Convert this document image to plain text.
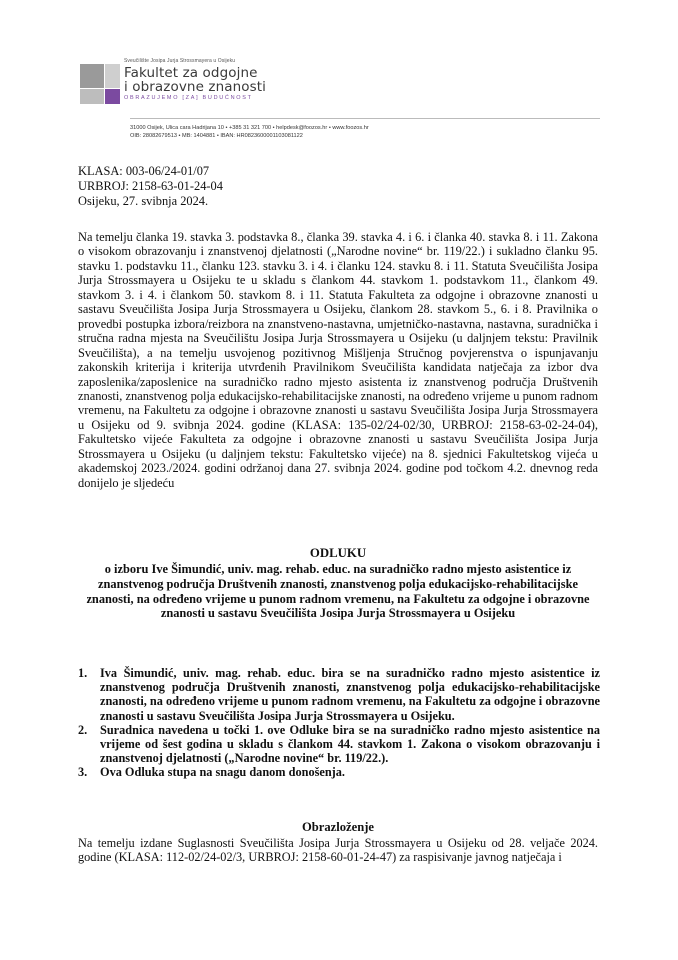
Sveučilište Josipa Jurja Strossmayera u Osijeku
Fakultet za odgojne
i obrazovne znanosti
OBRAZUJEMO [ZA] BUDUĆNOST
31000 Osijek, Ulica cara Hadrijana 10 • +385 31 321 700 • helpdesk@foozos.hr • www.foozos.hr
OIB: 28082679513 • MB: 1404881 • IBAN: HR0823600001103081122
KLASA: 003-06/24-01/07
URBROJ: 2158-63-01-24-04
Osijeku, 27. svibnja 2024.
Na temelju članka 19. stavka 3. podstavka 8., članka 39. stavka 4. i 6. i članka 40. stavka 8. i 11. Zakona o visokom obrazovanju i znanstvenoj djelatnosti („Narodne novine“ br. 119/22.) i sukladno članku 95. stavku 1. podstavku 11., članku 123. stavku 3. i 4. i članku 124. stavku 8. i 11. Statuta Sveučilišta Josipa Jurja Strossmayera u Osijeku te u skladu s člankom 44. stavkom 1. podstavkom 11., člankom 49. stavkom 3. i 4. i člankom 50. stavkom 8. i 11. Statuta Fakulteta za odgojne i obrazovne znanosti u sastavu Sveučilišta Josipa Jurja Strossmayera u Osijeku, člankom 28. stavkom 5., 6. i 8. Pravilnika o provedbi postupka izbora/reizbora na znanstveno-nastavna, umjetničko-nastavna, nastavna, suradnička i stručna radna mjesta na Sveučilištu Josipa Jurja Strossmayera u Osijeku (u daljnjem tekstu: Pravilnik Sveučilišta), a na temelju usvojenog pozitivnog Mišljenja Stručnog povjerenstva o ispunjavanju zakonskih kriterija i kriterija utvrđenih Pravilnikom Sveučilišta kandidata natječaja za izbor dva zaposlenika/zaposlenice na suradničko radno mjesto asistenta iz znanstvenog područja Društvenih znanosti, znanstvenog polja edukacijsko-rehabilitacijske znanosti, na određeno vrijeme u punom radnom vremenu, na Fakultetu za odgojne i obrazovne znanosti u sastavu Sveučilišta Josipa Jurja Strossmayera u Osijeku od 9. svibnja 2024. godine (KLASA: 135-02/24-02/30, URBROJ: 2158-63-02-24-04), Fakultetsko vijeće Fakulteta za odgojne i obrazovne znanosti u sastavu Sveučilišta Josipa Jurja Strossmayera u Osijeku (u daljnjem tekstu: Fakultetsko vijeće) na 8. sjednici Fakultetskog vijeća u akademskoj 2023./2024. godini održanoj dana 27. svibnja 2024. godine pod točkom 4.2. dnevnog reda donijelo je sljedeću
ODLUKU
o izboru Ive Šimundić, univ. mag. rehab. educ. na suradničko radno mjesto asistentice iz znanstvenog područja Društvenih znanosti, znanstvenog polja edukacijsko-rehabilitacijske znanosti, na određeno vrijeme u punom radnom vremenu, na Fakultetu za odgojne i obrazovne znanosti u sastavu Sveučilišta Josipa Jurja Strossmayera u Osijeku
1. Iva Šimundić, univ. mag. rehab. educ. bira se na suradničko radno mjesto asistentice iz znanstvenog područja Društvenih znanosti, znanstvenog polja edukacijsko-rehabilitacijske znanosti, na određeno vrijeme u punom radnom vremenu, na Fakultetu za odgojne i obrazovne znanosti u sastavu Sveučilišta Josipa Jurja Strossmayera u Osijeku.
2. Suradnica navedena u točki 1. ove Odluke bira se na suradničko radno mjesto asistentice na vrijeme od šest godina u skladu s člankom 44. stavkom 1. Zakona o visokom obrazovanju i znanstvenoj djelatnosti („Narodne novine“ br. 119/22.).
3. Ova Odluka stupa na snagu danom donošenja.
Obrazloženje
Na temelju izdane Suglasnosti Sveučilišta Josipa Jurja Strossmayera u Osijeku od 28. veljače 2024. godine (KLASA: 112-02/24-02/3, URBROJ: 2158-60-01-24-47) za raspisivanje javnog natječaja i
